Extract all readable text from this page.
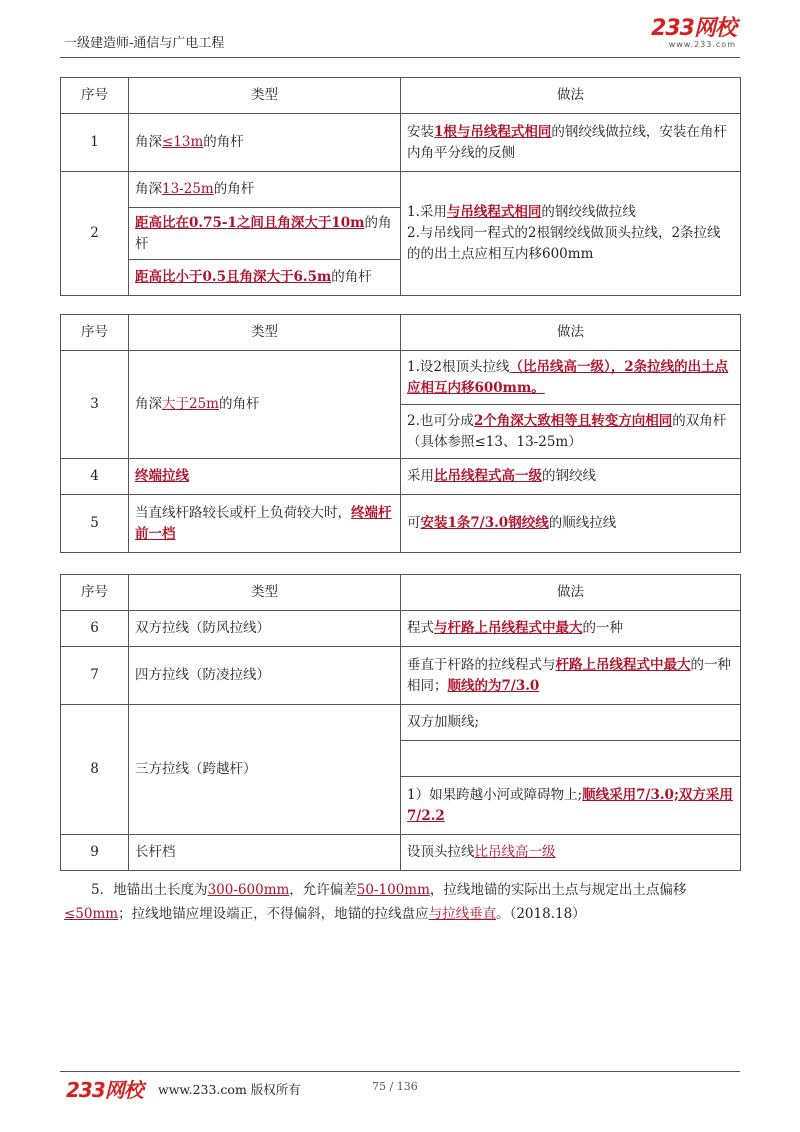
一级建造师-通信与广电工程
233网校
www.233.com
序号	类型	做法
1	角深≤13m的角杆	安装1根与吊线程式相同的钢绞线做拉线，安装在角杆内角平分线的反侧
2	角深13-25m的角杆	1.采用与吊线程式相同的钢绞线做拉线
2.与吊线同一程式的2根钢绞线做顶头拉线，2条拉线的的出土点应相互内移600mm

	距高比在0.75-1之间且角深大于10m的角杆	
	距高比小于0.5且角深大于6.5m的角杆	
序号	类型	做法
3	角深大于25m的角杆	1.设2根顶头拉线（比吊线高一级），2条拉线的出土点应相互内移600mm。
		2.也可分成2个角深大致相等且转变方向相同的双角杆（具体参照≤13、13-25m）
4	终端拉线	采用比吊线程式高一级的钢绞线
5	当直线杆路较长或杆上负荷较大时，终端杆前一档	可安装1条7/3.0钢绞线的顺线拉线
序号	类型	做法
6	双方拉线（防风拉线）	程式与杆路上吊线程式中最大的一种
7	四方拉线（防凌拉线）	垂直于杆路的拉线程式与杆路上吊线程式中最大的一种相同；顺线的为7/3.0
8	三方拉线（跨越杆）	双方加顺线;

		1）如果跨越小河或障碍物上;顺线采用7/3.0;双方采用7/2.2
9	长杆档	设顶头拉线比吊线高一级
5．地锚出土长度为300-600mm，允许偏差50-100mm，拉线地锚的实际出土点与规定出土点偏移≤50mm；拉线地锚应埋设端正，不得偏斜，地锚的拉线盘应与拉线垂直。（2018.18）
233网校 www.233.com 版权所有	75 / 136
